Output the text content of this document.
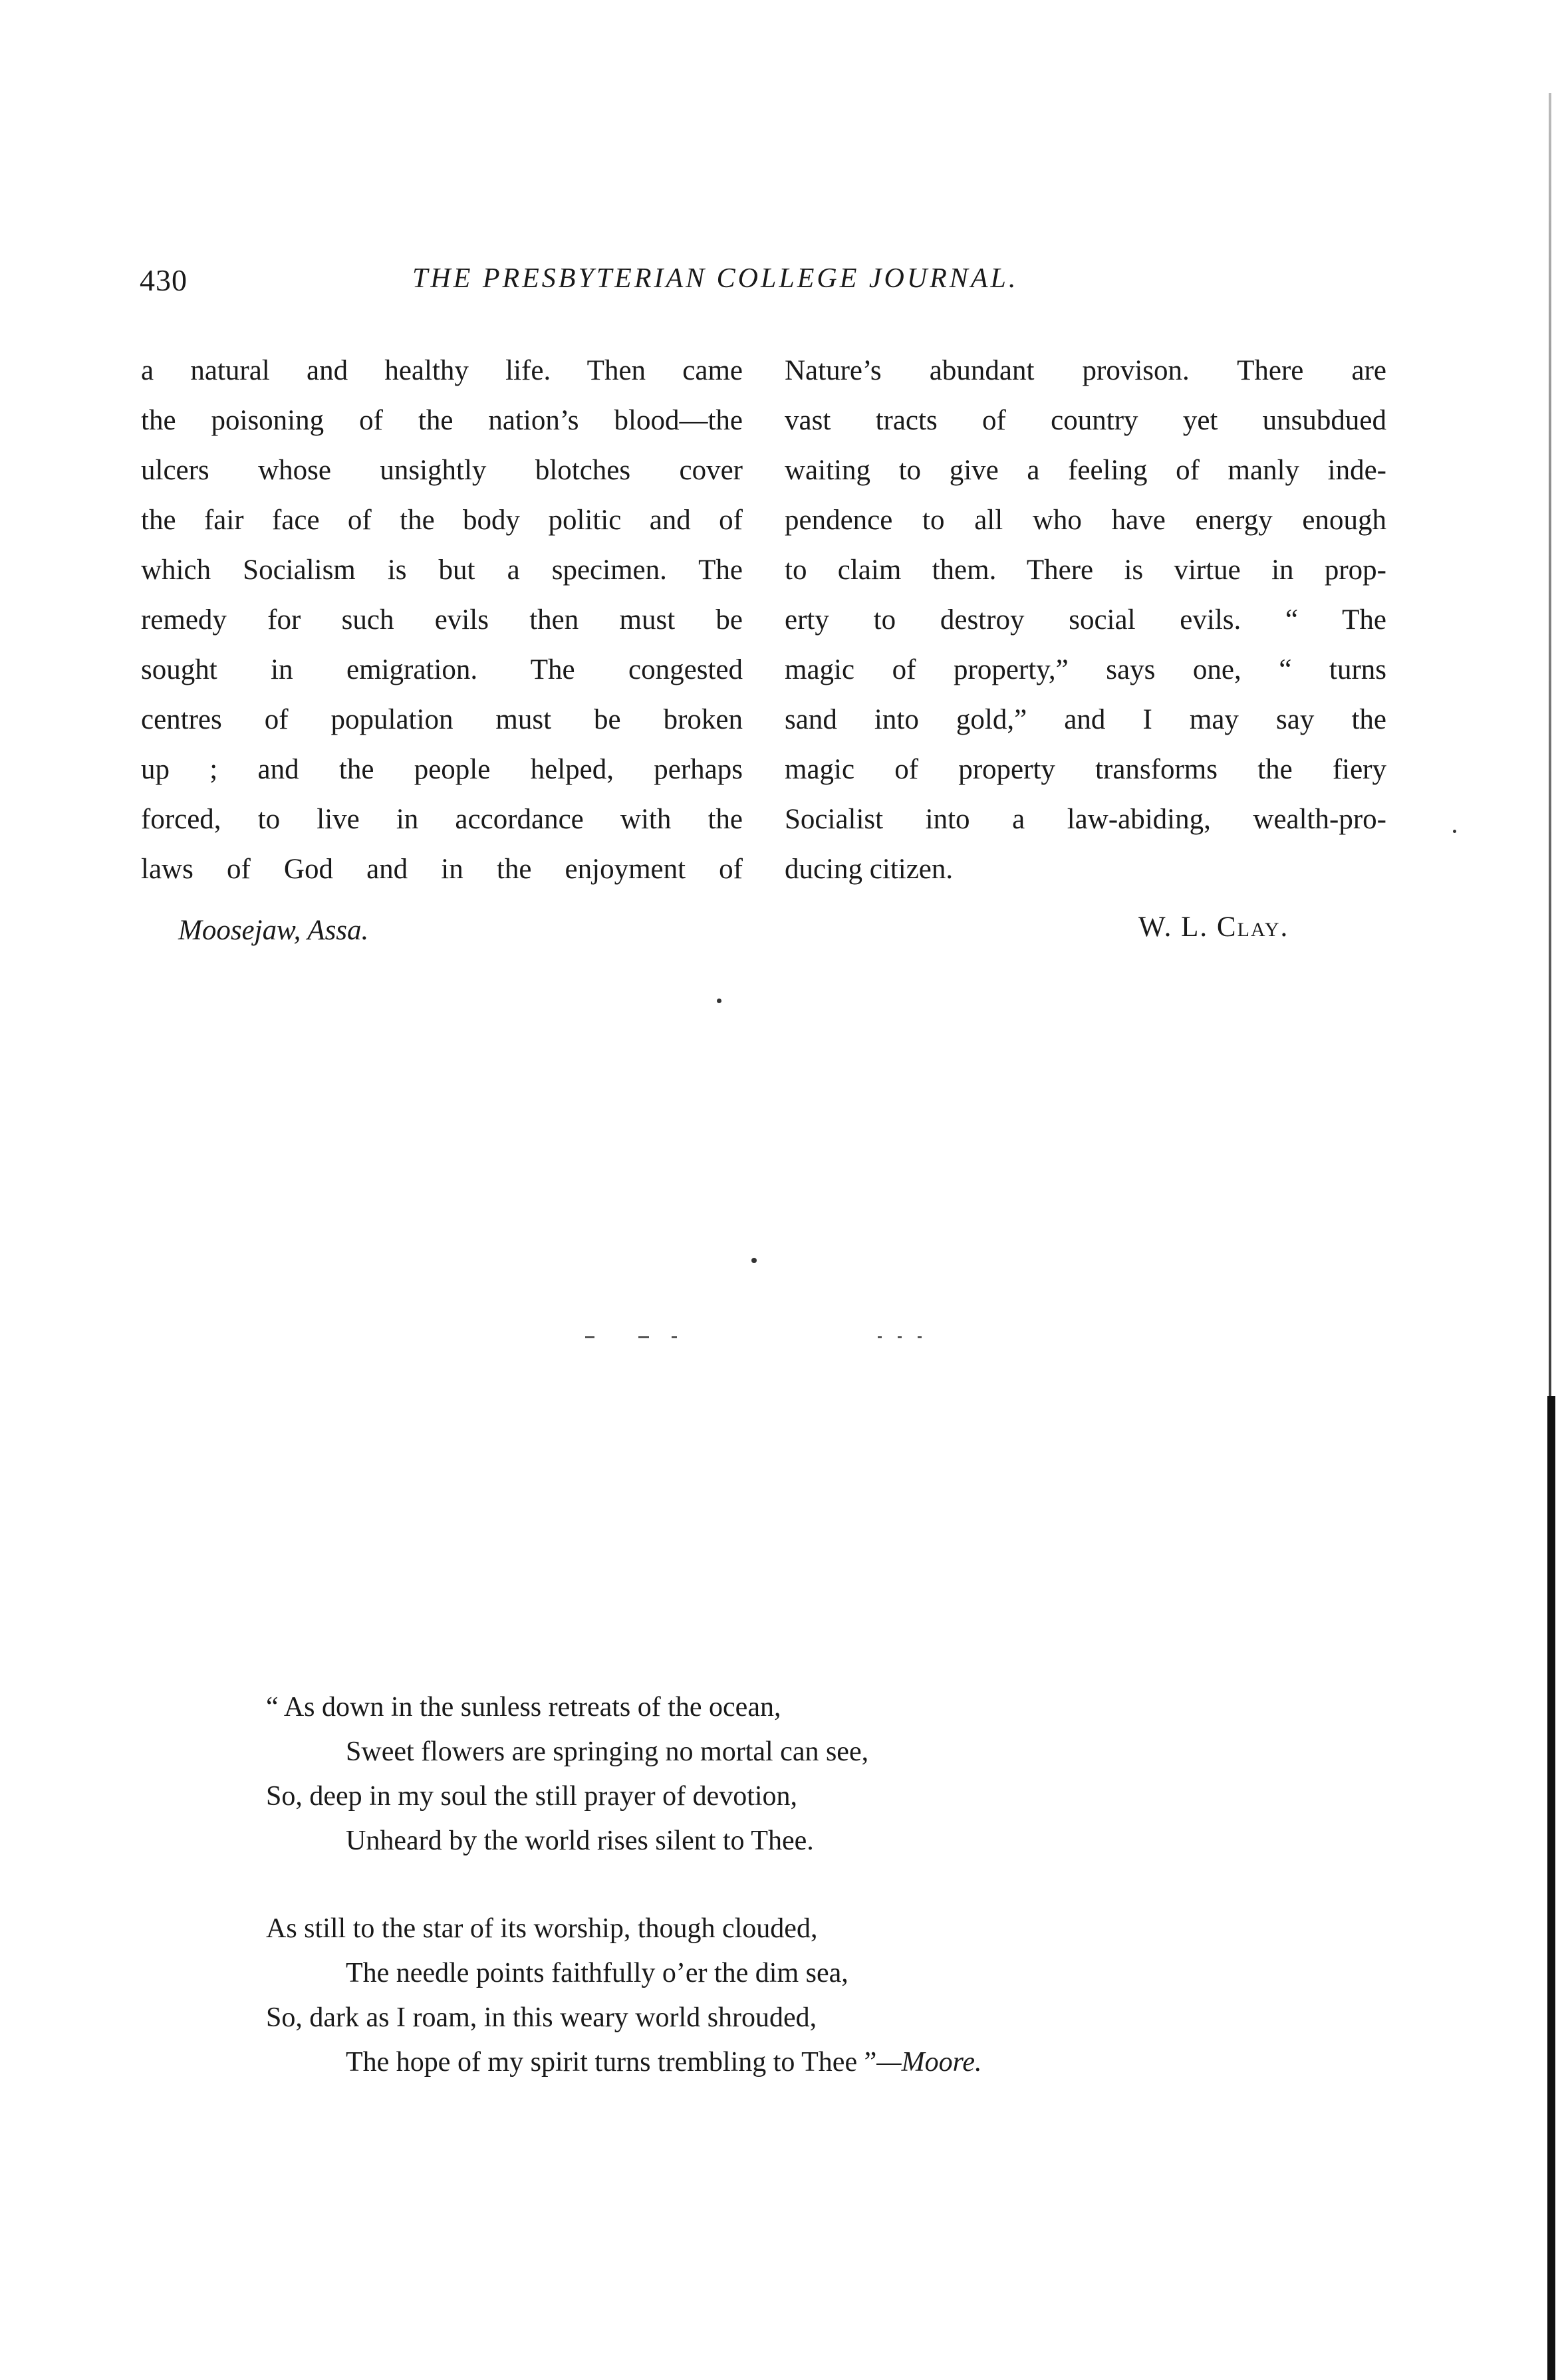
430	THE PRESBYTERIAN COLLEGE JOURNAL.
a natural and healthy life. Then came
the poisoning of the nation’s blood—the
ulcers whose unsightly blotches cover
the fair face of the body politic and of
which Socialism is but a specimen. The
remedy for such evils then must be
sought in emigration. The congested
centres of population must be broken
up ; and the people helped, perhaps
forced, to live in accordance with the
laws of God and in the enjoyment of
Nature’s abundant provison. There are
vast tracts of country yet unsubdued
waiting to give a feeling of manly inde-
pendence to all who have energy enough
to claim them. There is virtue in prop-
erty to destroy social evils. “ The
magic of property,” says one, “ turns
sand into gold,” and I may say the
magic of property transforms the fiery
Socialist into a law-abiding, wealth-pro-
ducing citizen.
Moosejaw, Assa.	W. L. Clay.
“ As down in the sunless retreats of the ocean,
Sweet flowers are springing no mortal can see,
So, deep in my soul the still prayer of devotion,
Unheard by the world rises silent to Thee.
As still to the star of its worship, though clouded,
The needle points faithfully o’er the dim sea,
So, dark as I roam, in this weary world shrouded,
The hope of my spirit turns trembling to Thee ”—Moore.
